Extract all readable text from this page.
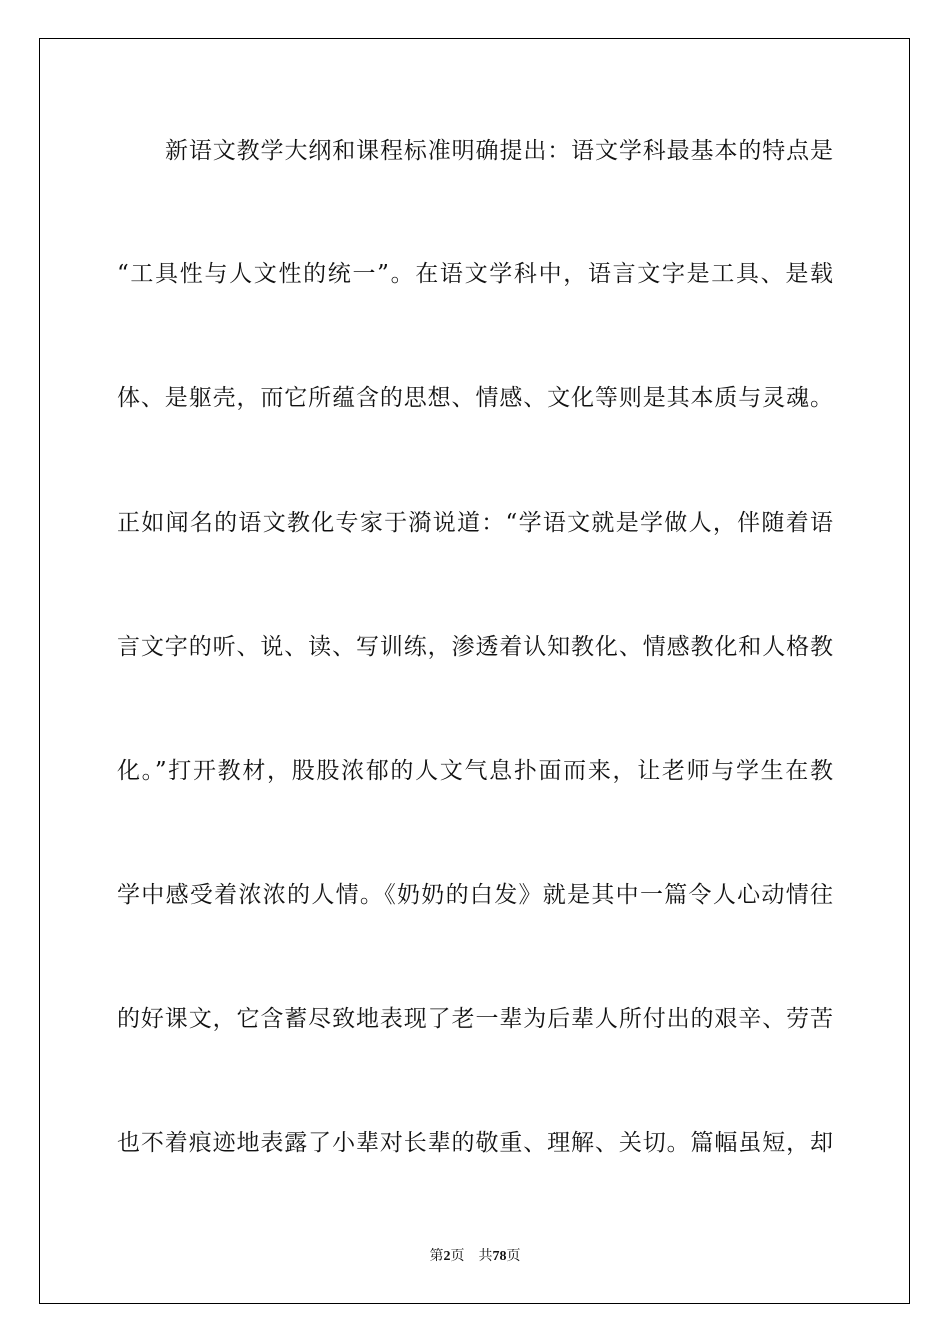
新语文教学大纲和课程标准明确提出：语文学科最基本的特点是
“工具性与人文性的统一”。在语文学科中，语言文字是工具、是载
体、是躯壳，而它所蕴含的思想、情感、文化等则是其本质与灵魂。
正如闻名的语文教化专家于漪说道：“学语文就是学做人，伴随着语
言文字的听、说、读、写训练，渗透着认知教化、情感教化和人格教
化。”打开教材，股股浓郁的人文气息扑面而来，让老师与学生在教
学中感受着浓浓的人情。《奶奶的白发》就是其中一篇令人心动情往
的好课文，它含蓄尽致地表现了老一辈为后辈人所付出的艰辛、劳苦
也不着痕迹地表露了小辈对长辈的敬重、理解、关切。篇幅虽短，却
第2页 共78页
